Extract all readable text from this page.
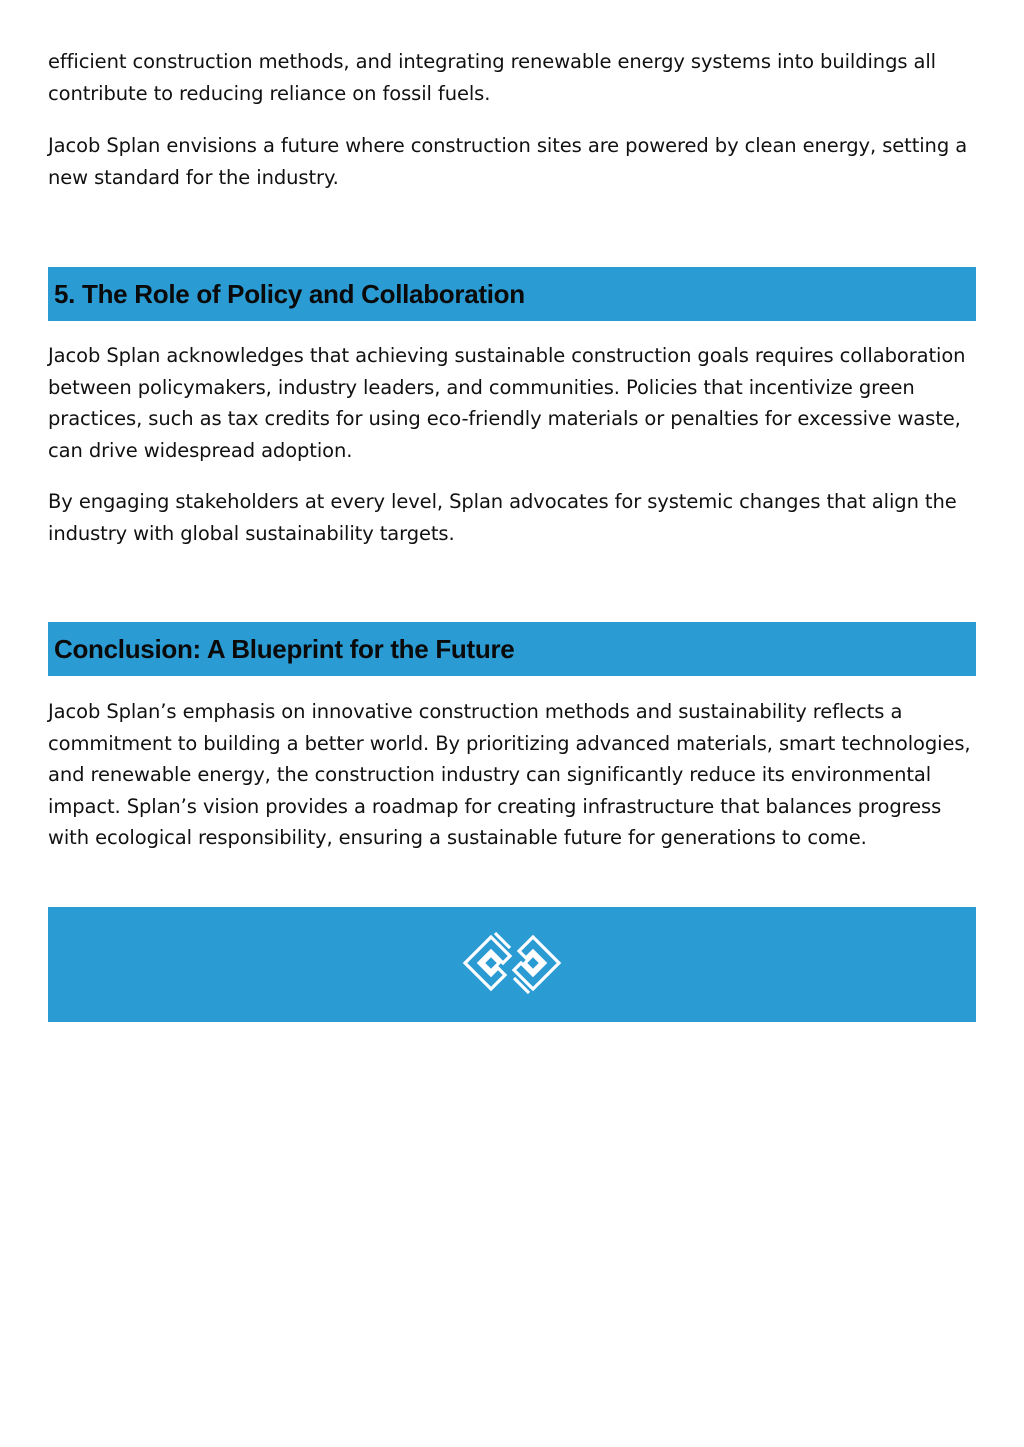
efficient construction methods, and integrating renewable energy systems into buildings all contribute to reducing reliance on fossil fuels.

Jacob Splan envisions a future where construction sites are powered by clean energy, setting a new standard for the industry.

5. The Role of Policy and Collaboration

Jacob Splan acknowledges that achieving sustainable construction goals requires collaboration between policymakers, industry leaders, and communities. Policies that incentivize green practices, such as tax credits for using eco-friendly materials or penalties for excessive waste, can drive widespread adoption.

By engaging stakeholders at every level, Splan advocates for systemic changes that align the industry with global sustainability targets.

Conclusion: A Blueprint for the Future

Jacob Splan’s emphasis on innovative construction methods and sustainability reflects a commitment to building a better world. By prioritizing advanced materials, smart technologies, and renewable energy, the construction industry can significantly reduce its environmental impact. Splan’s vision provides a roadmap for creating infrastructure that balances progress with ecological responsibility, ensuring a sustainable future for generations to come.
